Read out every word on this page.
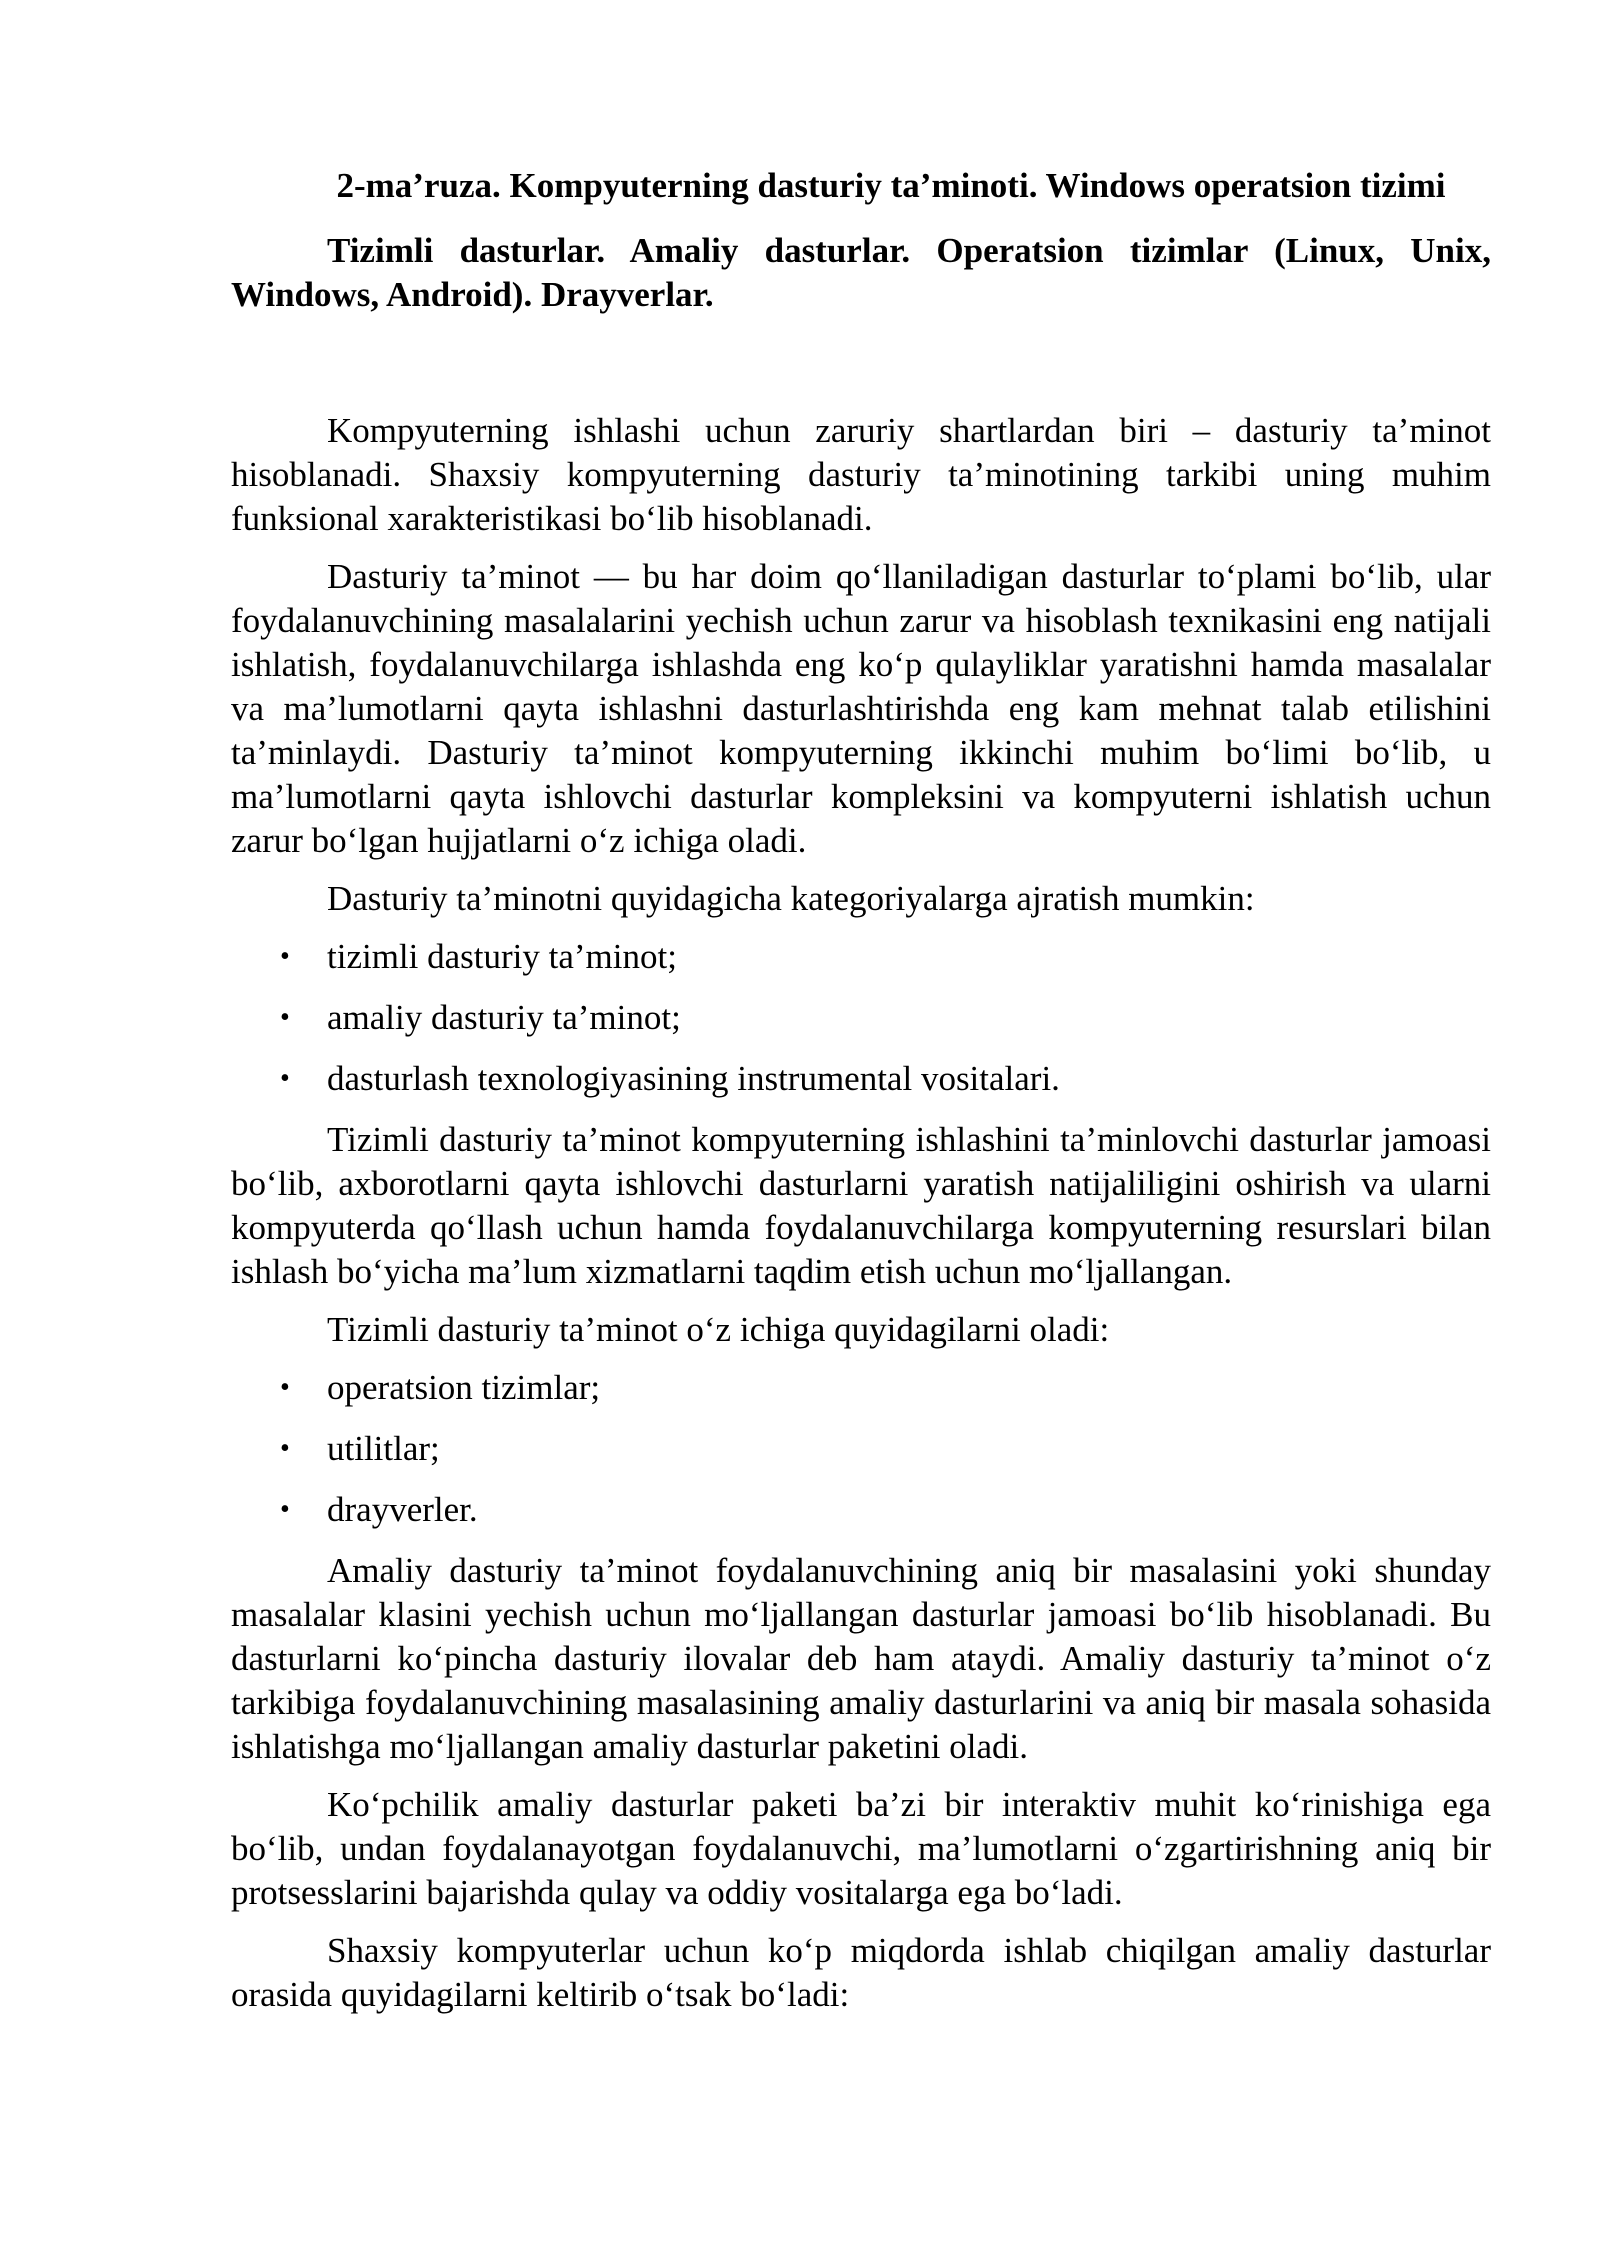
2-ma’ruza. Kompyuterning dasturiy ta’minoti. Windows operatsion tizimi
Tizimli dasturlar. Amaliy dasturlar. Operatsion tizimlar (Linux, Unix, Windows, Android). Drayverlar.

Kompyuterning ishlashi uchun zaruriy shartlardan biri – dasturiy ta’minot hisoblanadi. Shaxsiy kompyuterning dasturiy ta’minotining tarkibi uning muhim funksional xarakteristikasi bo‘lib hisoblanadi.

Dasturiy ta’minot — bu har doim qo‘llaniladigan dasturlar to‘plami bo‘lib, ular foydalanuvchining masalalarini yechish uchun zarur va hisoblash texnikasini eng natijali ishlatish, foydalanuvchilarga ishlashda eng ko‘p qulayliklar yaratishni hamda masalalar va ma’lumotlarni qayta ishlashni dasturlashtirishda eng kam mehnat talab etilishini ta’minlaydi. Dasturiy ta’minot kompyuterning ikkinchi muhim bo‘limi bo‘lib, u ma’lumotlarni qayta ishlovchi dasturlar kompleksini va kompyuterni ishlatish uchun zarur bo‘lgan hujjatlarni o‘z ichiga oladi.

Dasturiy ta’minotni quyidagicha kategoriyalarga ajratish mumkin:

• tizimli dasturiy ta’minot;
• amaliy dasturiy ta’minot;
• dasturlash texnologiyasining instrumental vositalari.

Tizimli dasturiy ta’minot kompyuterning ishlashini ta’minlovchi dasturlar jamoasi bo‘lib, axborotlarni qayta ishlovchi dasturlarni yaratish natijaliligini oshirish va ularni kompyuterda qo‘llash uchun hamda foydalanuvchilarga kompyuterning resurslari bilan ishlash bo‘yicha ma’lum xizmatlarni taqdim etish uchun mo‘ljallangan.

Tizimli dasturiy ta’minot o‘z ichiga quyidagilarni oladi:

• operatsion tizimlar;
• utilitlar;
• drayverler.

Amaliy dasturiy ta’minot foydalanuvchining aniq bir masalasini yoki shunday masalalar klasini yechish uchun mo‘ljallangan dasturlar jamoasi bo‘lib hisoblanadi. Bu dasturlarni ko‘pincha dasturiy ilovalar deb ham ataydi. Amaliy dasturiy ta’minot o‘z tarkibiga foydalanuvchining masalasining amaliy dasturlarini va aniq bir masala sohasida ishlatishga mo‘ljallangan amaliy dasturlar paketini oladi.

Ko‘pchilik amaliy dasturlar paketi ba’zi bir interaktiv muhit ko‘rinishiga ega bo‘lib, undan foydalanayotgan foydalanuvchi, ma’lumotlarni o‘zgartirishning aniq bir protsesslarini bajarishda qulay va oddiy vositalarga ega bo‘ladi.

Shaxsiy kompyuterlar uchun ko‘p miqdorda ishlab chiqilgan amaliy dasturlar orasida quyidagilarni keltirib o‘tsak bo‘ladi:
